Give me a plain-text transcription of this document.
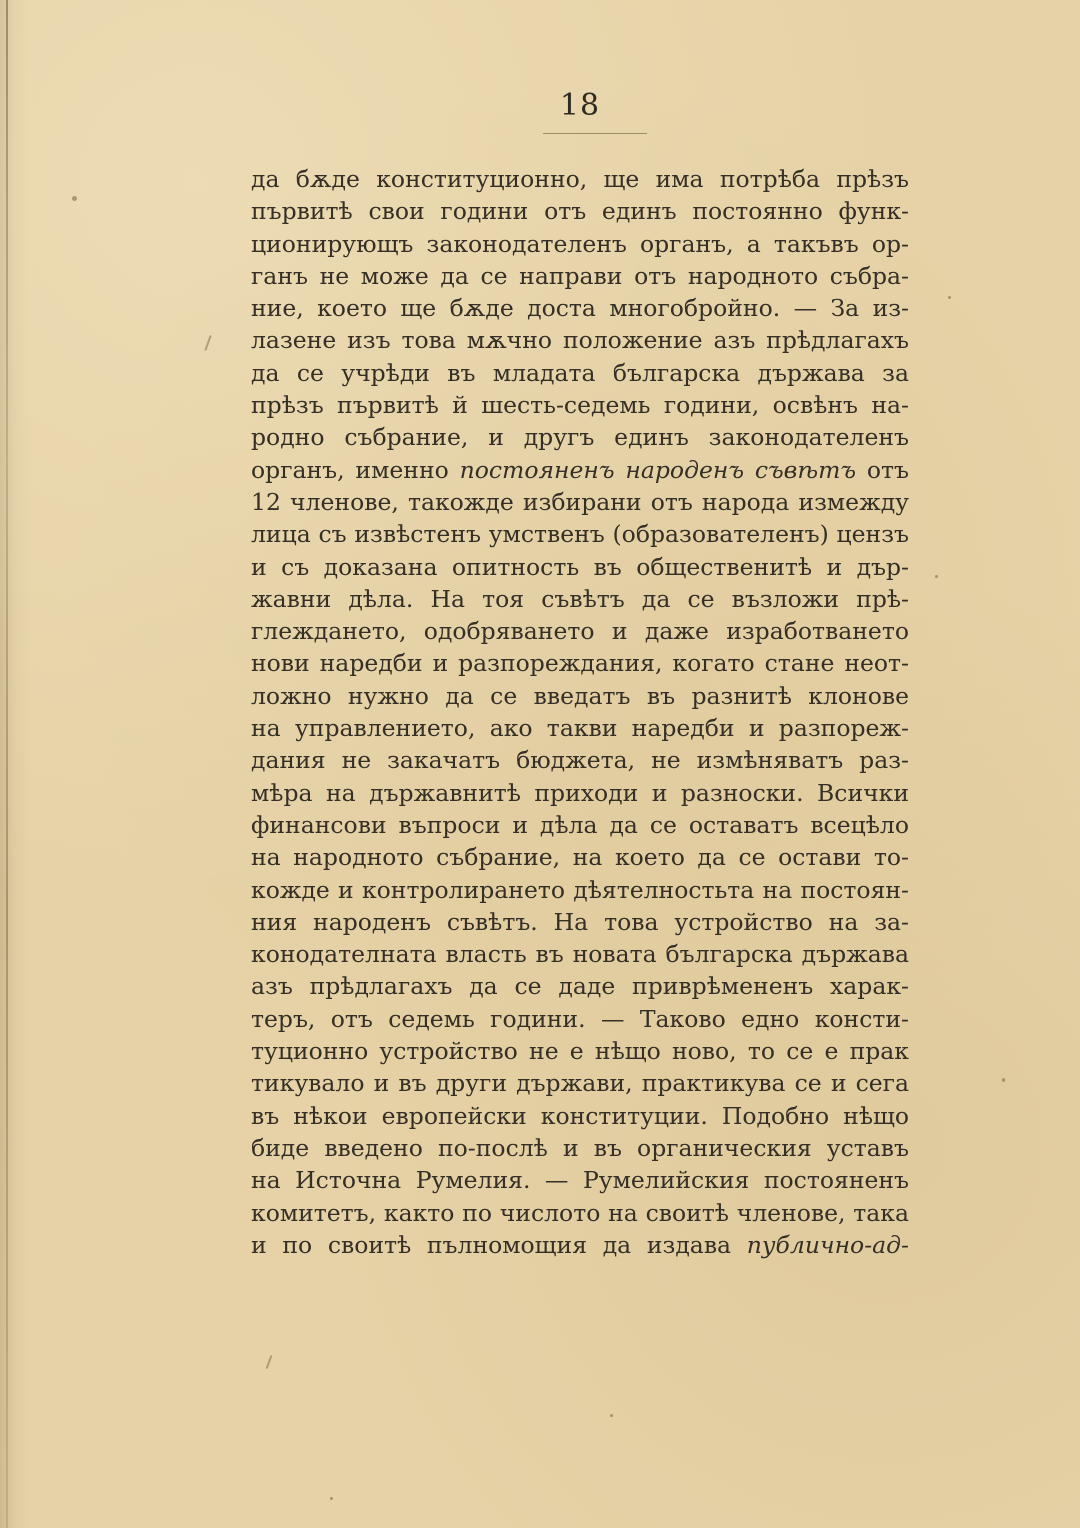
18
да бѫде конституционно, ще има потрѣба прѣзъ
първитѣ свои години отъ единъ постоянно функ-
ционирующъ законодателенъ органъ, а такъвъ ор-
ганъ не може да се направи отъ народното събра-
ние, което ще бѫде доста многобройно. — За из-
лазене изъ това мѫчно положение азъ прѣдлагахъ
да се учрѣди въ младата българска държава за
прѣзъ първитѣ й шесть-седемь години, освѣнъ на-
родно събрание, и другъ единъ законодателенъ
органъ, именно постояненъ народенъ съвѣтъ отъ
12 членове, такожде избирани отъ народа измежду
лица съ извѣстенъ умственъ (образователенъ) цензъ
и съ доказана опитность въ общественитѣ и дър-
жавни дѣла. На тоя съвѣтъ да се възложи прѣ-
глеждането, одобряването и даже изработването
нови наредби и разпореждания, когато стане неот-
ложно нужно да се введатъ въ разнитѣ клонове
на управлението, ако такви наредби и разпореж-
дания не закачатъ бюджета, не измѣняватъ раз-
мѣра на държавнитѣ приходи и разноски. Всички
финансови въпроси и дѣла да се оставатъ всецѣло
на народното събрание, на което да се остави то-
кожде и контролирането дѣятелностьта на постоян-
ния народенъ съвѣтъ. На това устройство на за-
конодателната власть въ новата българска държава
азъ прѣдлагахъ да се даде приврѣмененъ харак-
теръ, отъ седемь години. — Таково едно консти-
туционно устройство не е нѣщо ново, то се е прак
тикувало и въ други държави, практикува се и сега
въ нѣкои европейски конституции. Подобно нѣщо
биде введено по-послѣ и въ органическия уставъ
на Источна Румелия. — Румелийския постояненъ
комитетъ, както по числото на своитѣ членове, така
и по своитѣ пълномощия да издава публично-ад-
